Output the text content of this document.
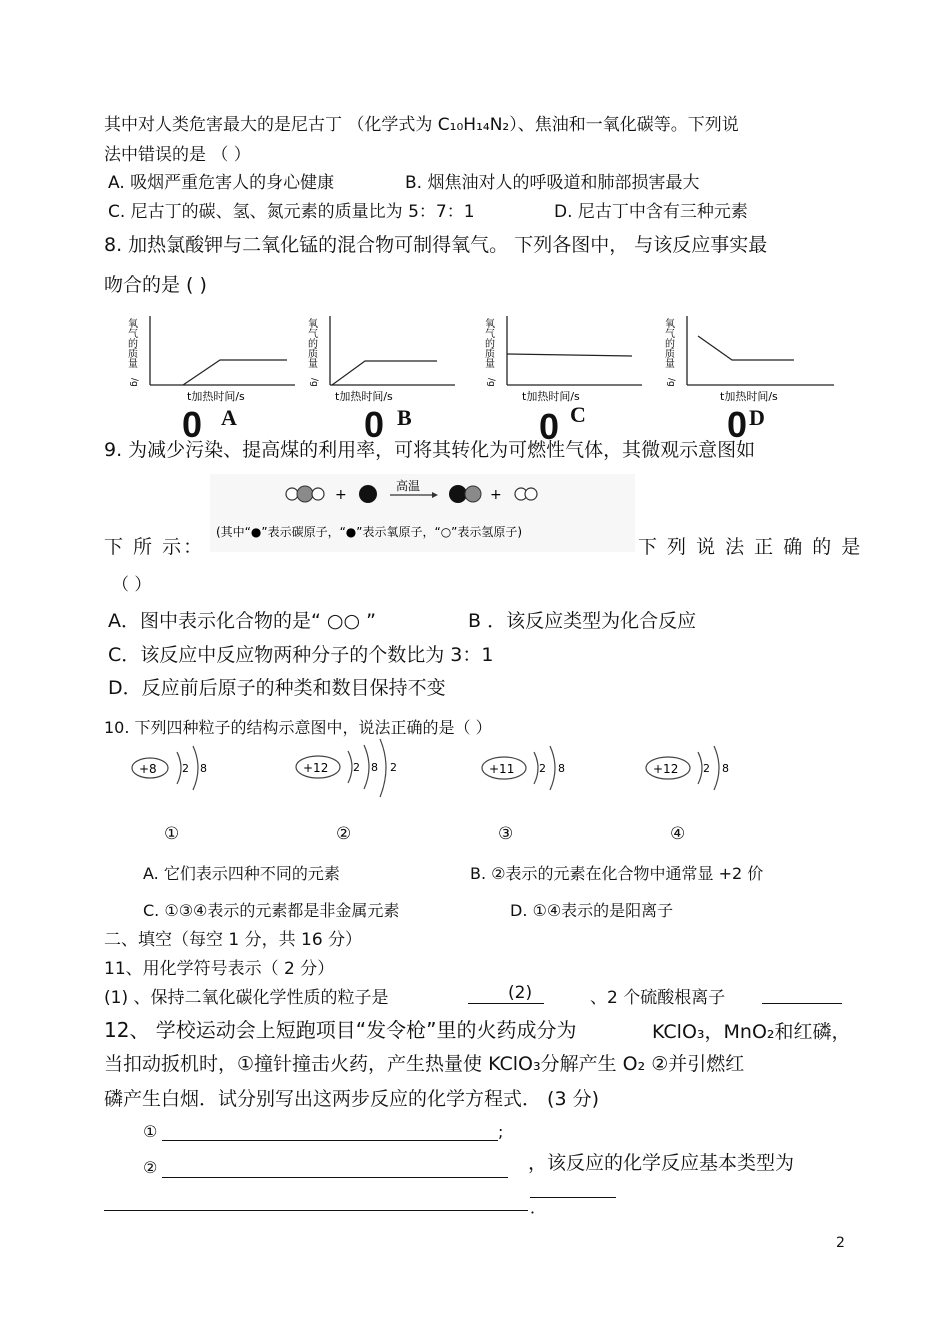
其中对人类危害最大的是尼古丁 （化学式为 C₁₀H₁₄N₂）、焦油和一氧化碳等。下列说
法中错误的是 （ ）
A. 吸烟严重危害人的身心健康	B. 烟焦油对人的呼吸道和肺部损害最大
C. 尼古丁的碳、氢、氮元素的质量比为 5：7：1	D. 尼古丁中含有三种元素
8. 加热氯酸钾与二氧化锰的混合物可制得氧气。 下列各图中， 与该反应事实最
吻合的是 ( )
氧气的质量
/g
t加热时间/s
0 A
氧气的质量
/g
t加热时间/s
0 B
氧气的质量
/g
t加热时间/s
0 C
氧气的质量
/g
t加热时间/s
0 D
9. 为减少污染、提高煤的利用率，可将其转化为可燃性气体，其微观示意图如
+
高温
+
(其中“●”表示碳原子，“●”表示氧原子，“○”表示氢原子)
下 所 示：	下 列 说 法 正 确 的 是
（ ）
A．图中表示化合物的是“ ○○ ”	B ．该反应类型为化合反应
C．该反应中反应物两种分子的个数比为 3：1
D．反应前后原子的种类和数目保持不变
10. 下列四种粒子的结构示意图中，说法正确的是（ ）
+8 2 8	+12 2 8 2	+11 2 8	+12 2 8
①	②	③	④
A. 它们表示四种不同的元素	B. ②表示的元素在化合物中通常显 +2 价
C. ①③④表示的元素都是非金属元素	D. ①④表示的是阳离子
二、填空（每空 1 分，共 16 分）
11、用化学符号表示（ 2 分）
(1) 、保持二氧化碳化学性质的粒子是	(2)	、2 个硫酸根离子
12、 学校运动会上短跑项目“发令枪”里的火药成分为	KClO₃，MnO₂和红磷，
当扣动扳机时，①撞针撞击火药，产生热量使 KClO₃分解产生 O₂ ②并引燃红
磷产生白烟．试分别写出这两步反应的化学方程式． (3 分)
①	;
②	，该反应的化学反应基本类型为
．
2
